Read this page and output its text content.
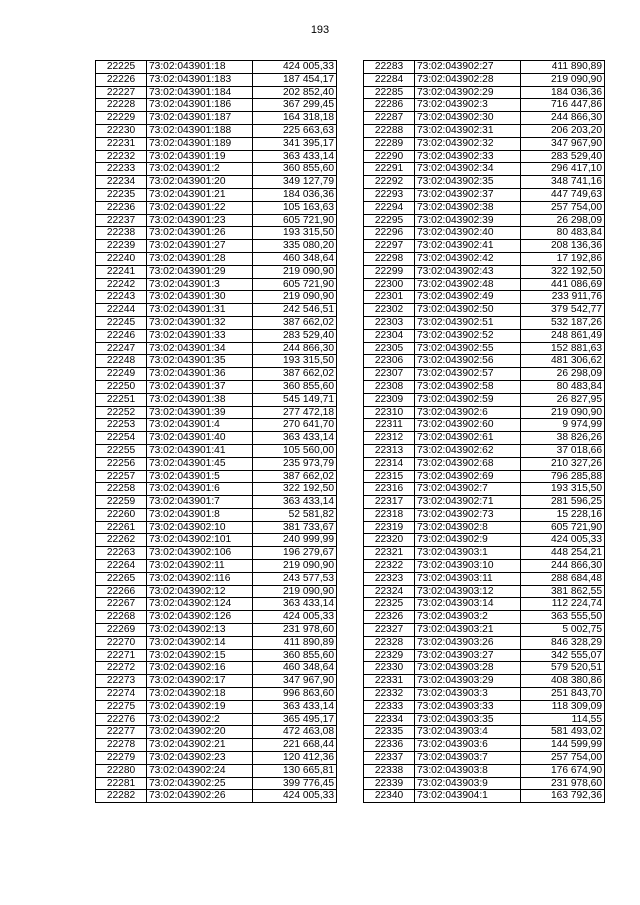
193
22225	73:02:043901:18	424 005,33
22226	73:02:043901:183	187 454,17
22227	73:02:043901:184	202 852,40
22228	73:02:043901:186	367 299,45
22229	73:02:043901:187	164 318,18
22230	73:02:043901:188	225 663,63
22231	73:02:043901:189	341 395,17
22232	73:02:043901:19	363 433,14
22233	73:02:043901:2	360 855,60
22234	73:02:043901:20	349 127,79
22235	73:02:043901:21	184 036,36
22236	73:02:043901:22	105 163,63
22237	73:02:043901:23	605 721,90
22238	73:02:043901:26	193 315,50
22239	73:02:043901:27	335 080,20
22240	73:02:043901:28	460 348,64
22241	73:02:043901:29	219 090,90
22242	73:02:043901:3	605 721,90
22243	73:02:043901:30	219 090,90
22244	73:02:043901:31	242 546,51
22245	73:02:043901:32	387 662,02
22246	73:02:043901:33	283 529,40
22247	73:02:043901:34	244 866,30
22248	73:02:043901:35	193 315,50
22249	73:02:043901:36	387 662,02
22250	73:02:043901:37	360 855,60
22251	73:02:043901:38	545 149,71
22252	73:02:043901:39	277 472,18
22253	73:02:043901:4	270 641,70
22254	73:02:043901:40	363 433,14
22255	73:02:043901:41	105 560,00
22256	73:02:043901:45	235 973,79
22257	73:02:043901:5	387 662,02
22258	73:02:043901:6	322 192,50
22259	73:02:043901:7	363 433,14
22260	73:02:043901:8	52 581,82
22261	73:02:043902:10	381 733,67
22262	73:02:043902:101	240 999,99
22263	73:02:043902:106	196 279,67
22264	73:02:043902:11	219 090,90
22265	73:02:043902:116	243 577,53
22266	73:02:043902:12	219 090,90
22267	73:02:043902:124	363 433,14
22268	73:02:043902:126	424 005,33
22269	73:02:043902:13	231 978,60
22270	73:02:043902:14	411 890,89
22271	73:02:043902:15	360 855,60
22272	73:02:043902:16	460 348,64
22273	73:02:043902:17	347 967,90
22274	73:02:043902:18	996 863,60
22275	73:02:043902:19	363 433,14
22276	73:02:043902:2	365 495,17
22277	73:02:043902:20	472 463,08
22278	73:02:043902:21	221 668,44
22279	73:02:043902:23	120 412,36
22280	73:02:043902:24	130 665,81
22281	73:02:043902:25	399 776,45
22282	73:02:043902:26	424 005,33
22283	73:02:043902:27	411 890,89
22284	73:02:043902:28	219 090,90
22285	73:02:043902:29	184 036,36
22286	73:02:043902:3	716 447,86
22287	73:02:043902:30	244 866,30
22288	73:02:043902:31	206 203,20
22289	73:02:043902:32	347 967,90
22290	73:02:043902:33	283 529,40
22291	73:02:043902:34	296 417,10
22292	73:02:043902:35	348 741,16
22293	73:02:043902:37	447 749,63
22294	73:02:043902:38	257 754,00
22295	73:02:043902:39	26 298,09
22296	73:02:043902:40	80 483,84
22297	73:02:043902:41	208 136,36
22298	73:02:043902:42	17 192,86
22299	73:02:043902:43	322 192,50
22300	73:02:043902:48	441 086,69
22301	73:02:043902:49	233 911,76
22302	73:02:043902:50	379 542,77
22303	73:02:043902:51	532 187,26
22304	73:02:043902:52	248 861,49
22305	73:02:043902:55	152 881,63
22306	73:02:043902:56	481 306,62
22307	73:02:043902:57	26 298,09
22308	73:02:043902:58	80 483,84
22309	73:02:043902:59	26 827,95
22310	73:02:043902:6	219 090,90
22311	73:02:043902:60	9 974,99
22312	73:02:043902:61	38 826,26
22313	73:02:043902:62	37 018,66
22314	73:02:043902:68	210 327,26
22315	73:02:043902:69	796 285,88
22316	73:02:043902:7	193 315,50
22317	73:02:043902:71	281 596,25
22318	73:02:043902:73	15 228,16
22319	73:02:043902:8	605 721,90
22320	73:02:043902:9	424 005,33
22321	73:02:043903:1	448 254,21
22322	73:02:043903:10	244 866,30
22323	73:02:043903:11	288 684,48
22324	73:02:043903:12	381 862,55
22325	73:02:043903:14	112 224,74
22326	73:02:043903:2	363 555,50
22327	73:02:043903:21	5 002,75
22328	73:02:043903:26	846 328,29
22329	73:02:043903:27	342 555,07
22330	73:02:043903:28	579 520,51
22331	73:02:043903:29	408 380,86
22332	73:02:043903:3	251 843,70
22333	73:02:043903:33	118 309,09
22334	73:02:043903:35	114,55
22335	73:02:043903:4	581 493,02
22336	73:02:043903:6	144 599,99
22337	73:02:043903:7	257 754,00
22338	73:02:043903:8	176 674,90
22339	73:02:043903:9	231 978,60
22340	73:02:043904:1	163 792,36
